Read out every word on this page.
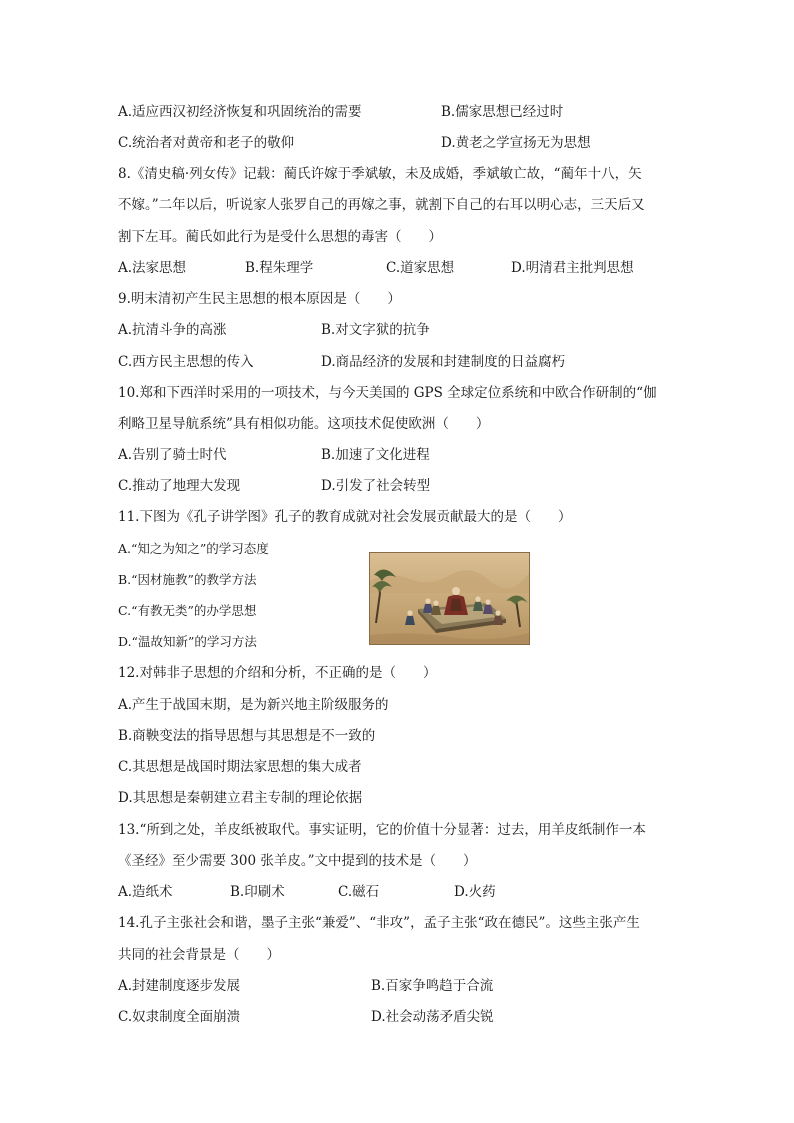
A.适应西汉初经济恢复和巩固统治的需要	B.儒家思想已经过时
C.统治者对黄帝和老子的敬仰	D.黄老之学宣扬无为思想
8.《清史稿·列女传》记载：蔺氏许嫁于季斌敏，未及成婚，季斌敏亡故，“蔺年十八，矢
不嫁。”二年以后，听说家人张罗自己的再嫁之事，就割下自己的右耳以明心志，三天后又
割下左耳。蔺氏如此行为是受什么思想的毒害（　　）
A.法家思想	B.程朱理学	C.道家思想	D.明清君主批判思想
9.明末清初产生民主思想的根本原因是（　　）
A.抗清斗争的高涨	B.对文字狱的抗争
C.西方民主思想的传入	D.商品经济的发展和封建制度的日益腐朽
10.郑和下西洋时采用的一项技术，与今天美国的 GPS 全球定位系统和中欧合作研制的“伽
利略卫星导航系统”具有相似功能。这项技术促使欧洲（　　）
A.告别了骑士时代	B.加速了文化进程
C.推动了地理大发现	D.引发了社会转型
11.下图为《孔子讲学图》孔子的教育成就对社会发展贡献最大的是（　　）
A.“知之为知之”的学习态度
B.“因材施教”的教学方法
C.“有教无类”的办学思想
D.“温故知新”的学习方法
12.对韩非子思想的介绍和分析，不正确的是（　　）
A.产生于战国末期，是为新兴地主阶级服务的
B.商鞅变法的指导思想与其思想是不一致的
C.其思想是战国时期法家思想的集大成者
D.其思想是秦朝建立君主专制的理论依据
13.“所到之处，羊皮纸被取代。事实证明，它的价值十分显著：过去，用羊皮纸制作一本
《圣经》至少需要 300 张羊皮。”文中提到的技术是（　　）
A.造纸术	B.印刷术	C.磁石	D.火药
14.孔子主张社会和谐，墨子主张“兼爱”、“非攻”，孟子主张“政在德民”。这些主张产生
共同的社会背景是（　　）
A.封建制度逐步发展	B.百家争鸣趋于合流
C.奴隶制度全面崩溃	D.社会动荡矛盾尖锐
